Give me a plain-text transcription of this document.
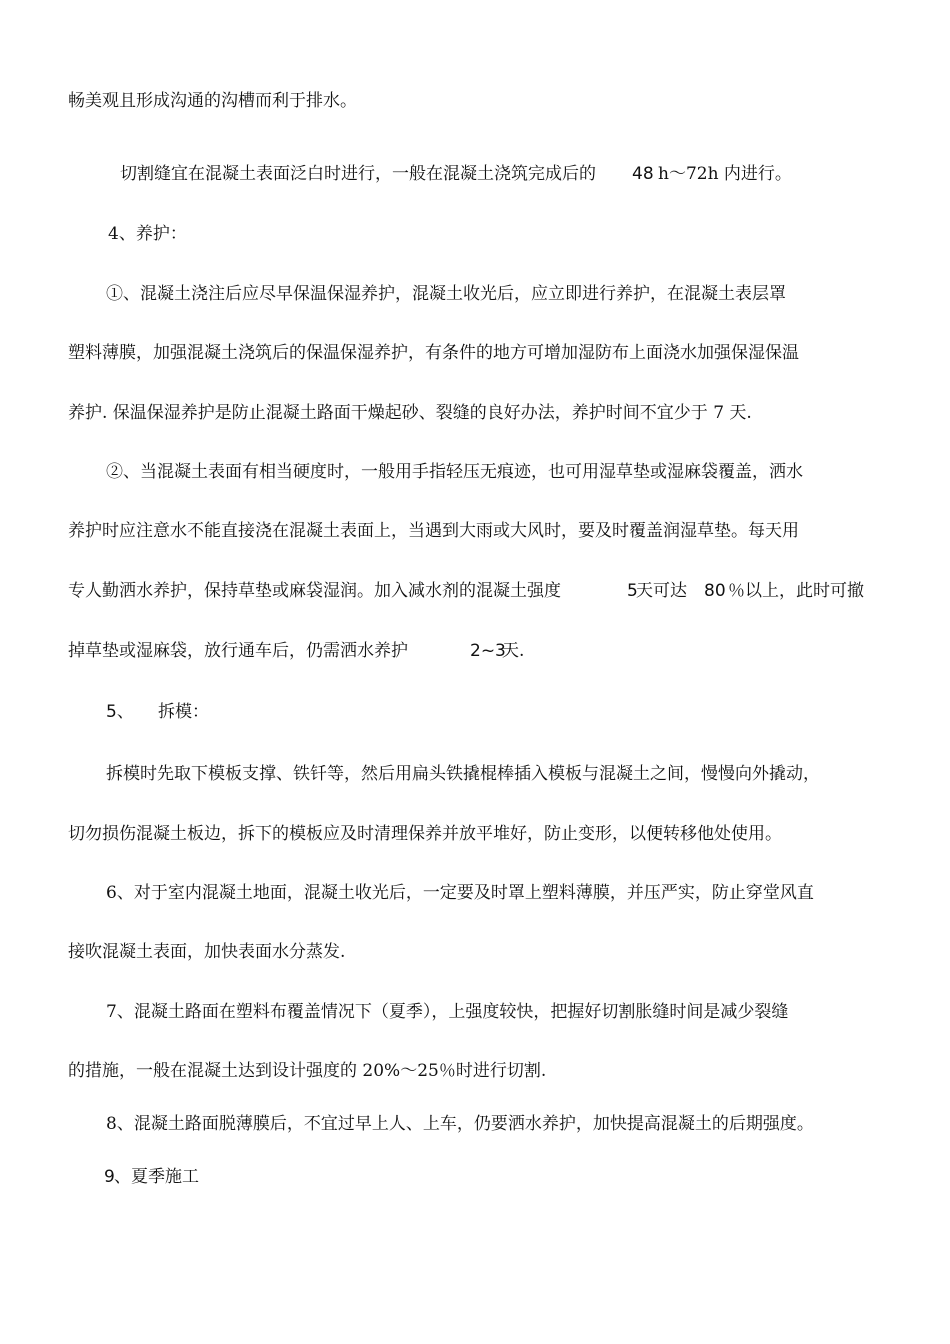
畅美观且形成沟通的沟槽而利于排水。
切割缝宜在混凝土表面泛白时进行，一般在混凝土浇筑完成后的 48 h～72h 内进行。
4、养护：
①、混凝土浇注后应尽早保温保湿养护，混凝土收光后，应立即进行养护，在混凝土表层罩
塑料薄膜，加强混凝土浇筑后的保温保湿养护，有条件的地方可增加湿防布上面浇水加强保湿保温
养护. 保温保湿养护是防止混凝土路面干燥起砂、裂缝的良好办法，养护时间不宜少于 7 天.
②、当混凝土表面有相当硬度时，一般用手指轻压无痕迹，也可用湿草垫或湿麻袋覆盖，洒水
养护时应注意水不能直接浇在混凝土表面上，当遇到大雨或大风时，要及时覆盖润湿草垫。每天用
专人勤洒水养护，保持草垫或麻袋湿润。加入减水剂的混凝土强度	5
天可达 80 ％以上，此时可撤
掉草垫或湿麻袋，放行通车后，仍需洒水养护	2~3
天.
5、 拆模：
拆模时先取下模板支撑、铁钎等，然后用扁头铁撬棍棒插入模板与混凝土之间，慢慢向外撬动，
切勿损伤混凝土板边，拆下的模板应及时清理保养并放平堆好，防止变形，以便转移他处使用。
6、对于室内混凝土地面，混凝土收光后，一定要及时罩上塑料薄膜，并压严实，防止穿堂风直
接吹混凝土表面，加快表面水分蒸发.
7、混凝土路面在塑料布覆盖情况下（夏季），上强度较快，把握好切割胀缝时间是减少裂缝
的措施，一般在混凝土达到设计强度的 20%～25％时进行切割.
8、混凝土路面脱薄膜后，不宜过早上人、上车，仍要洒水养护，加快提高混凝土的后期强度。
9 、夏季施工
